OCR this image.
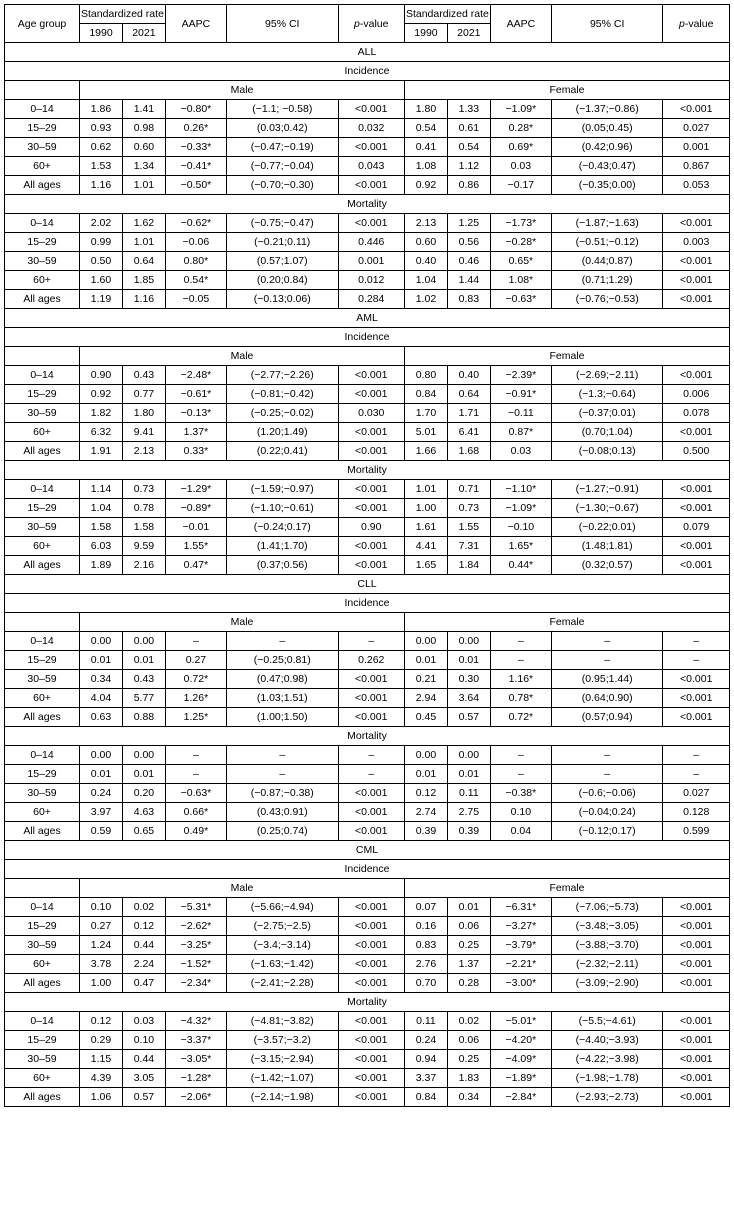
Age group	Standardized rate		AAPC	95% CI	p-value	Standardized rate		AAPC	95% CI	p-value
	1990	2021				1990	2021			
ALL										
Incidence										
	Male					Female				
0–14	1.86	1.41	−0.80*	(−1.1; −0.58)	<0.001	1.80	1.33	−1.09*	(−1.37;−0.86)	<0.001
15–29	0.93	0.98	0.26*	(0.03;0.42)	0.032	0.54	0.61	0.28*	(0.05;0.45)	0.027
30–59	0.62	0.60	−0.33*	(−0.47;−0.19)	<0.001	0.41	0.54	0.69*	(0.42;0.96)	0.001
60+	1.53	1.34	−0.41*	(−0.77;−0.04)	0.043	1.08	1.12	0.03	(−0.43;0.47)	0.867
All ages	1.16	1.01	−0.50*	(−0.70;−0.30)	<0.001	0.92	0.86	−0.17	(−0.35;0.00)	0.053
Mortality										
0–14	2.02	1.62	−0.62*	(−0.75;−0.47)	<0.001	2.13	1.25	−1.73*	(−1.87;−1.63)	<0.001
15–29	0.99	1.01	−0.06	(−0.21;0.11)	0.446	0.60	0.56	−0.28*	(−0.51;−0.12)	0.003
30–59	0.50	0.64	0.80*	(0.57;1.07)	0.001	0.40	0.46	0.65*	(0.44;0.87)	<0.001
60+	1.60	1.85	0.54*	(0.20;0.84)	0.012	1.04	1.44	1.08*	(0.71;1.29)	<0.001
All ages	1.19	1.16	−0.05	(−0.13;0.06)	0.284	1.02	0.83	−0.63*	(−0.76;−0.53)	<0.001
AML										
Incidence										
	Male					Female				
0–14	0.90	0.43	−2.48*	(−2.77;−2.26)	<0.001	0.80	0.40	−2.39*	(−2.69;−2.11)	<0.001
15–29	0.92	0.77	−0.61*	(−0.81;−0.42)	<0.001	0.84	0.64	−0.91*	(−1.3;−0.64)	0.006
30–59	1.82	1.80	−0.13*	(−0.25;−0.02)	0.030	1.70	1.71	−0.11	(−0.37;0.01)	0.078
60+	6.32	9.41	1.37*	(1.20;1.49)	<0.001	5.01	6.41	0.87*	(0.70;1.04)	<0.001
All ages	1.91	2.13	0.33*	(0.22;0.41)	<0.001	1.66	1.68	0.03	(−0.08;0.13)	0.500
Mortality										
0–14	1.14	0.73	−1.29*	(−1.59;−0.97)	<0.001	1.01	0.71	−1.10*	(−1.27;−0.91)	<0.001
15–29	1.04	0.78	−0.89*	(−1.10;−0.61)	<0.001	1.00	0.73	−1.09*	(−1.30;−0.67)	<0.001
30–59	1.58	1.58	−0.01	(−0.24;0.17)	0.90	1.61	1.55	−0.10	(−0.22;0.01)	0.079
60+	6.03	9.59	1.55*	(1.41;1.70)	<0.001	4.41	7.31	1.65*	(1.48;1.81)	<0.001
All ages	1.89	2.16	0.47*	(0.37;0.56)	<0.001	1.65	1.84	0.44*	(0.32;0.57)	<0.001
CLL										
Incidence										
	Male					Female				
0–14	0.00	0.00	–	–	–	0.00	0.00	–	–	–
15–29	0.01	0.01	0.27	(−0.25;0.81)	0.262	0.01	0.01	–	–	–
30–59	0.34	0.43	0.72*	(0.47;0.98)	<0.001	0.21	0.30	1.16*	(0.95;1.44)	<0.001
60+	4.04	5.77	1.26*	(1.03;1.51)	<0.001	2.94	3.64	0.78*	(0.64;0.90)	<0.001
All ages	0.63	0.88	1.25*	(1.00;1.50)	<0.001	0.45	0.57	0.72*	(0.57;0.94)	<0.001
Mortality										
0–14	0.00	0.00	–	–	–	0.00	0.00	–	–	–
15–29	0.01	0.01	–	–	–	0.01	0.01	–	–	–
30–59	0.24	0.20	−0.63*	(−0.87;−0.38)	<0.001	0.12	0.11	−0.38*	(−0.6;−0.06)	0.027
60+	3.97	4.63	0.66*	(0.43;0.91)	<0.001	2.74	2.75	0.10	(−0.04;0.24)	0.128
All ages	0.59	0.65	0.49*	(0.25;0.74)	<0.001	0.39	0.39	0.04	(−0.12;0.17)	0.599
CML										
Incidence										
	Male					Female				
0–14	0.10	0.02	−5.31*	(−5.66;−4.94)	<0.001	0.07	0.01	−6.31*	(−7.06;−5.73)	<0.001
15–29	0.27	0.12	−2.62*	(−2.75;−2.5)	<0.001	0.16	0.06	−3.27*	(−3.48;−3.05)	<0.001
30–59	1.24	0.44	−3.25*	(−3.4;−3.14)	<0.001	0.83	0.25	−3.79*	(−3.88;−3.70)	<0.001
60+	3.78	2.24	−1.52*	(−1.63;−1.42)	<0.001	2.76	1.37	−2.21*	(−2.32;−2.11)	<0.001
All ages	1.00	0.47	−2.34*	(−2.41;−2.28)	<0.001	0.70	0.28	−3.00*	(−3.09;−2.90)	<0.001
Mortality										
0–14	0.12	0.03	−4.32*	(−4.81;−3.82)	<0.001	0.11	0.02	−5.01*	(−5.5;−4.61)	<0.001
15–29	0.29	0.10	−3.37*	(−3.57;−3.2)	<0.001	0.24	0.06	−4.20*	(−4.40;−3.93)	<0.001
30–59	1.15	0.44	−3.05*	(−3.15;−2.94)	<0.001	0.94	0.25	−4.09*	(−4.22;−3.98)	<0.001
60+	4.39	3.05	−1.28*	(−1.42;−1.07)	<0.001	3.37	1.83	−1.89*	(−1.98;−1.78)	<0.001
All ages	1.06	0.57	−2.06*	(−2.14;−1.98)	<0.001	0.84	0.34	−2.84*	(−2.93;−2.73)	<0.001
